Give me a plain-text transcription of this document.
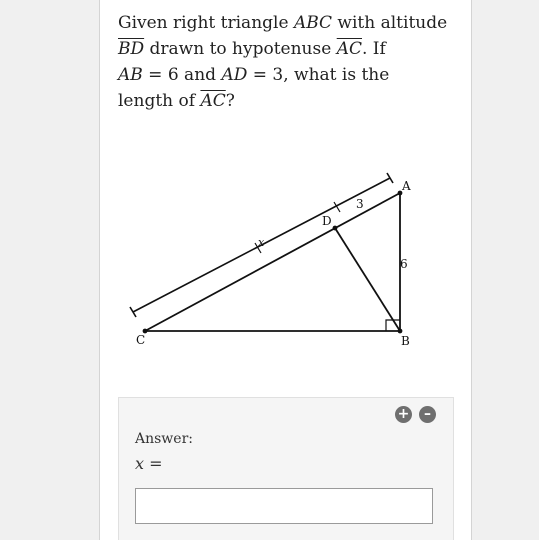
Given right triangle ABC with altitude
$\overline{BD}$ drawn to hypotenuse $\overline{AC}$. If
AB = 6 and AD = 3, what is the
length of $\overline{AC}$?

A
B
C
D
3
6
x
+	–
Answer:
x =
